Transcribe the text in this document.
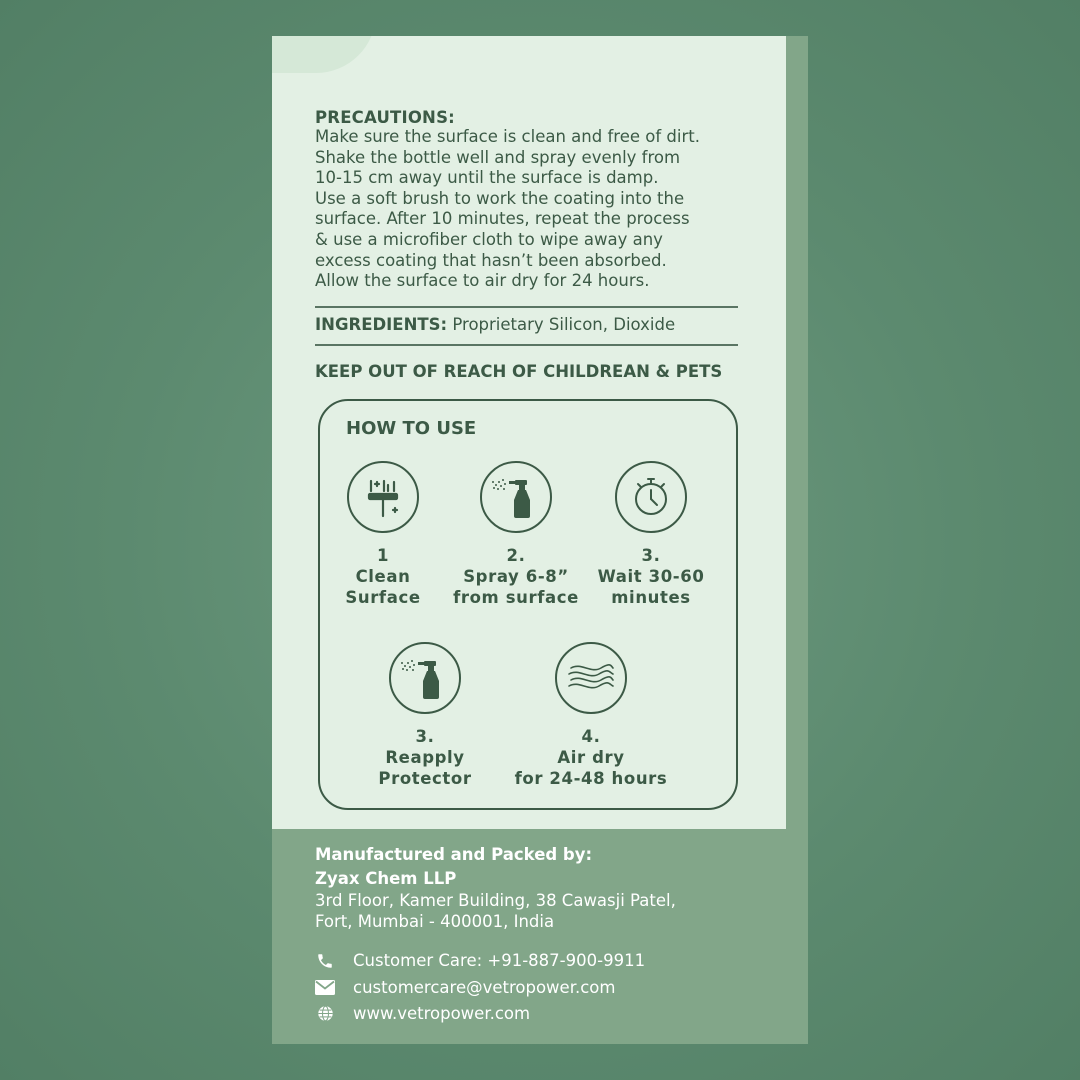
PRECAUTIONS:
Make sure the surface is clean and free of dirt.
Shake the bottle well and spray evenly from
10-15 cm away until the surface is damp.
Use a soft brush to work the coating into the
surface. After 10 minutes, repeat the process
& use a microfiber cloth to wipe away any
excess coating that hasn’t been absorbed.
Allow the surface to air dry for 24 hours.
INGREDIENTS: Proprietary Silicon, Dioxide
KEEP OUT OF REACH OF CHILDREAN & PETS
HOW TO USE
1
Clean
Surface
2.
Spray 6-8”
from surface
3.
Wait 30-60
minutes
3.
Reapply
Protector
4.
Air dry
for 24-48 hours
Manufactured and Packed by:
Zyax Chem LLP
3rd Floor, Kamer Building, 38 Cawasji Patel,
Fort, Mumbai - 400001, India
Customer Care: +91-887-900-9911
customercare@vetropower.com
www.vetropower.com
